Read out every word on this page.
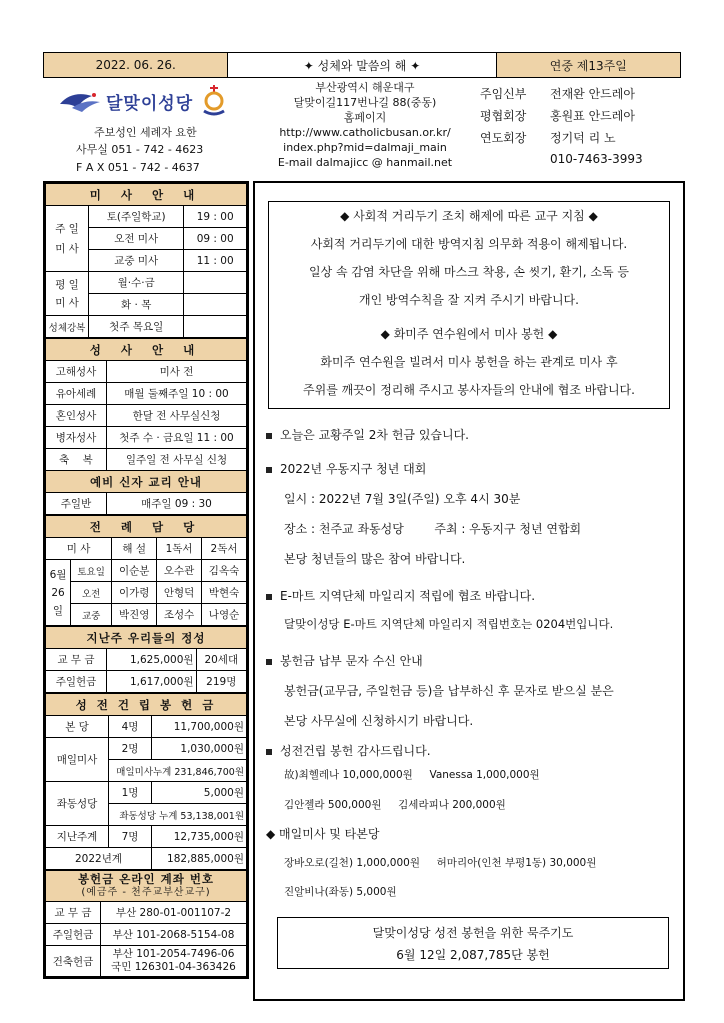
2022. 06. 26.	✦ 성체와 말씀의 해 ✦	연중 제13주일
달맞이성당
주보성인 세례자 요한
사무실 051 - 742 - 4623
F A X 051 - 742 - 4637
부산광역시 해운대구
달맞이길117번나길 88(중동)
홈페이지
http://www.catholicbusan.or.kr/
index.php?mid=dalmaji_main
E-mail dalmajicc @ hanmail.net
주임신부	전재완 안드레아
평협회장	홍원표 안드레아
연도회장	정기덕 리 노
010-7463-3993
미 사 안 내		
주 일
미 사	토(주일학교)	19 : 00
	오전 미사	09 : 00
	교중 미사	11 : 00
평 일
미 사	월·수·금	
	화 · 목	
성체강복	첫주 목요일	
성 사 안 내	
고해성사	미사 전
유아세례	매월 둘째주일 10 : 00
혼인성사	한달 전 사무실신청
병자성사	첫주 수 · 금요일 11 : 00
축    복	일주일 전 사무실 신청
예비 신자 교리 안내	
주일반	매주일 09 : 30
전 례 담 당				
미 사		해 설	1독서	2독서
6월
26일	토요일	이순분	오수관	김옥숙
	오전	이가령	안형덕	박현숙
	교중	박진영	조성수	나영순
지난주 우리들의 정성		
교 무 금	1,625,000원	20세대
주일헌금	1,617,000원	219명
성 전 건 립 봉 헌 금		
본 당	4명	11,700,000원
매일미사	2명	1,030,000원
	매일미사누계 231,846,700원	
좌동성당	1명	5,000원
	좌동성당 누계 53,138,001원	
지난주계	7명	12,735,000원
2022년계		182,885,000원
봉헌금 온라인 계좌 번호
(예금주 - 천주교부산교구)	

교 무 금	부산 280-01-001107-2
주일헌금	부산 101-2068-5154-08
건축헌금	부산 101-2054-7496-06
국민 126301-04-363426

◆ 사회적 거리두기 조치 해제에 따른 교구 지침 ◆

사회적 거리두기에 대한 방역지침 의무화 적용이 해제됩니다.

일상 속 감염 차단을 위해 마스크 착용, 손 씻기, 환기, 소독 등

개인 방역수칙을 잘 지켜 주시기 바랍니다.

◆ 화미주 연수원에서 미사 봉헌 ◆

화미주 연수원을 빌려서 미사 봉헌을 하는 관계로 미사 후

주위를 깨끗이 정리해 주시고 봉사자들의 안내에 협조 바랍니다.

오늘은 교황주일 2차 헌금 있습니다.
2022년 우동지구 청년 대회
일시 : 2022년 7월 3일(주일) 오후 4시 30분
장소 : 천주교 좌동성당        주최 : 우동지구 청년 연합회
본당 청년들의 많은 참여 바랍니다.
E-마트 지역단체 마일리지 적립에 협조 바랍니다.
달맞이성당 E-마트 지역단체 마일리지 적립번호는 0204번입니다.
봉헌금 납부 문자 수신 안내
봉헌금(교무금, 주일헌금 등)을 납부하신 후 문자로 받으실 분은
본당 사무실에 신청하시기 바랍니다.
성전건립 봉헌 감사드립니다.
故)최헬레나 10,000,000원     Vanessa 1,000,000원
김안젤라 500,000원     김세라피나 200,000원
◆ 매일미사 및 타본당
장바오로(길천) 1,000,000원     허마리아(인천 부평1동) 30,000원
진알비나(좌동) 5,000원
달맞이성당 성전 봉헌을 위한 묵주기도
6월 12일 2,087,785단 봉헌
